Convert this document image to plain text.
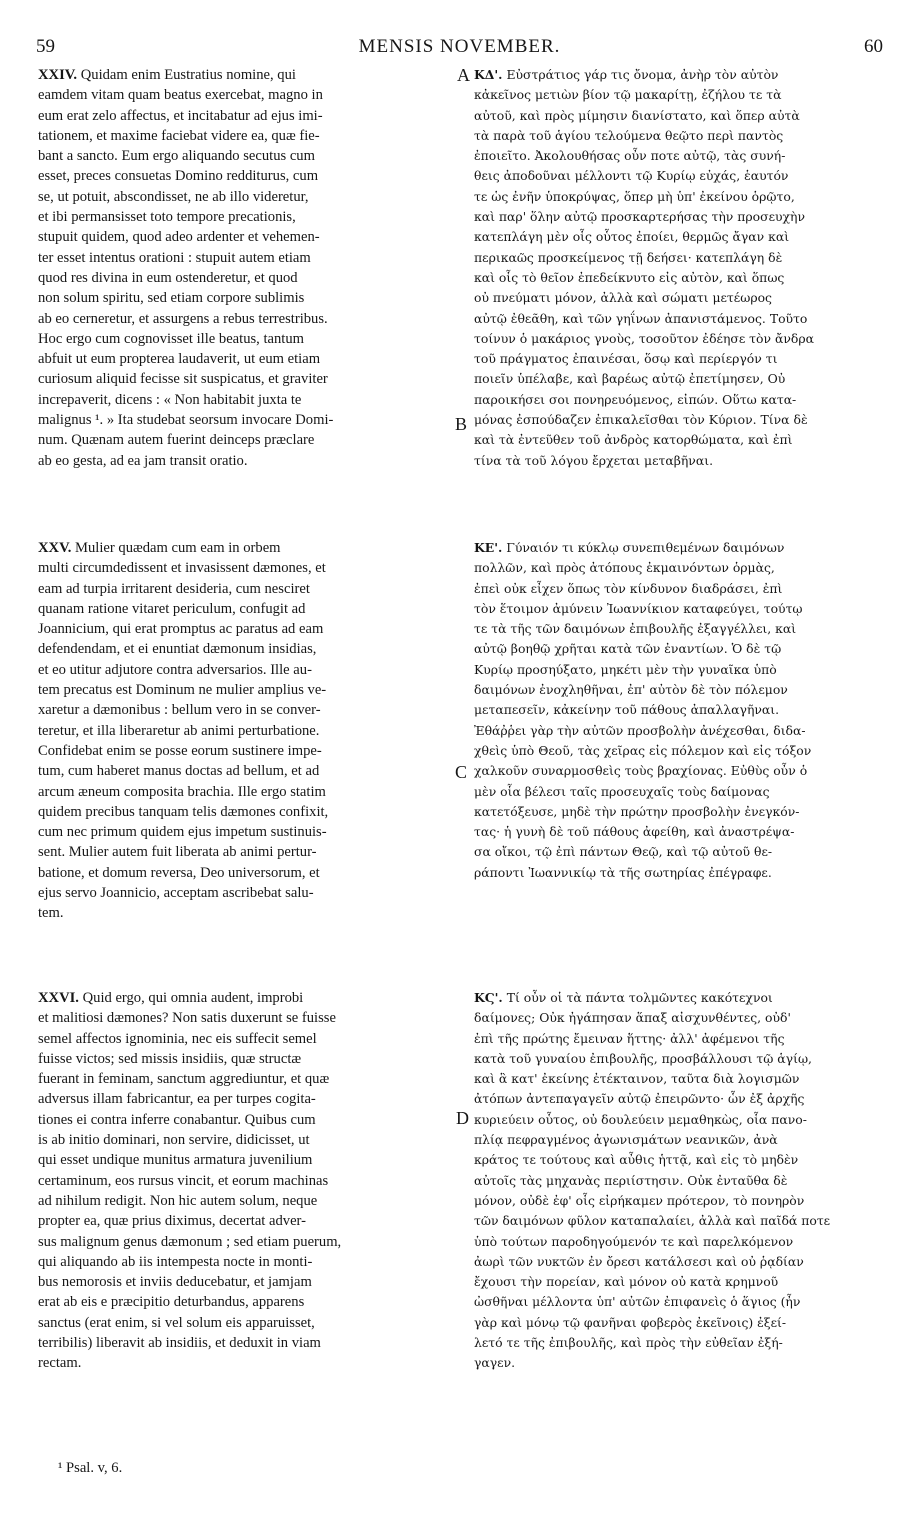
59	MENSIS NOVEMBER.	60
XXIV. Quidam enim Eustratius nomine, qui
eamdem vitam quam beatus exercebat, magno in
eum erat zelo affectus, et incitabatur ad ejus imi-
tationem, et maxime faciebat videre ea, quæ fie-
bant a sancto. Eum ergo aliquando secutus cum
esset, preces consuetas Domino redditurus, cum
se, ut potuit, abscondisset, ne ab illo videretur,
et ibi permansisset toto tempore precationis,
stupuit quidem, quod adeo ardenter et vehemen-
ter esset intentus orationi : stupuit autem etiam
quod res divina in eum ostenderetur, et quod
non solum spiritu, sed etiam corpore sublimis
ab eo cerneretur, et assurgens a rebus terrestribus.
Hoc ergo cum cognovisset ille beatus, tantum
abfuit ut eum propterea laudaverit, ut eum etiam
curiosum aliquid fecisse sit suspicatus, et graviter
increpaverit, dicens : « Non habitabit juxta te
malignus ¹. » Ita studebat seorsum invocare Domi-
num. Quænam autem fuerint deinceps præclare
ab eo gesta, ad ea jam transit oratio.
XXV. Mulier quædam cum eam in orbem
multi circumdedissent et invasissent dæmones, et
eam ad turpia irritarent desideria, cum nesciret
quanam ratione vitaret periculum, confugit ad
Joannicium, qui erat promptus ac paratus ad eam
defendendam, et ei enuntiat dæmonum insidias,
et eo utitur adjutore contra adversarios. Ille au-
tem precatus est Dominum ne mulier amplius ve-
xaretur a dæmonibus : bellum vero in se conver-
teretur, et illa liberaretur ab animi perturbatione.
Confidebat enim se posse eorum sustinere impe-
tum, cum haberet manus doctas ad bellum, et ad
arcum æneum composita brachia. Ille ergo statim
quidem precibus tanquam telis dæmones confixit,
cum nec primum quidem ejus impetum sustinuis-
sent. Mulier autem fuit liberata ab animi pertur-
batione, et domum reversa, Deo universorum, et
ejus servo Joannicio, acceptam ascribebat salu-
tem.
XXVI. Quid ergo, qui omnia audent, improbi
et malitiosi dæmones? Non satis duxerunt se fuisse
semel affectos ignominia, nec eis suffecit semel
fuisse victos; sed missis insidiis, quæ structæ
fuerant in feminam, sanctum aggrediuntur, et quæ
adversus illam fabricantur, ea per turpes cogita-
tiones ei contra inferre conabantur. Quibus cum
is ab initio dominari, non servire, didicisset, ut
qui esset undique munitus armatura juvenilium
certaminum, eos rursus vincit, et eorum machinas
ad nihilum redigit. Non hic autem solum, neque
propter ea, quæ prius diximus, decertat adver-
sus malignum genus dæmonum ; sed etiam puerum,
qui aliquando ab iis intempesta nocte in monti-
bus nemorosis et inviis deducebatur, et jamjam
erat ab eis e præcipitio deturbandus, apparens
sanctus (erat enim, si vel solum eis apparuisset,
terribilis) liberavit ab insidiis, et deduxit in viam
rectam.
A
B
C
D
ΚΔ'. Εὐστράτιος γάρ τις ὄνομα, ἀνὴρ τὸν αὐτὸν
κἀκεῖνος μετιὼν βίον τῷ μακαρίτῃ, ἐζήλου τε τὰ
αὐτοῦ, καὶ πρὸς μίμησιν διανίστατο, καὶ ὅπερ αὐτὰ
τὰ παρὰ τοῦ ἁγίου τελούμενα θεῷτο περὶ παντὸς
ἐποιεῖτο. Ἀκολουθήσας οὖν ποτε αὐτῷ, τὰς συνή-
θεις ἀποδοῦναι μέλλοντι τῷ Κυρίῳ εὐχάς, ἑαυτόν
τε ὡς ἐνῆν ὑποκρύψας, ὅπερ μὴ ὑπ' ἐκείνου ὁρῷτο,
καὶ παρ' ὅλην αὐτῷ προσκαρτερήσας τὴν προσευχὴν
κατεπλάγη μὲν οἷς οὗτος ἐποίει, θερμῶς ἄγαν καὶ
περικαῶς προσκείμενος τῇ δεήσει· κατεπλάγη δὲ
καὶ οἷς τὸ θεῖον ἐπεδείκνυτο εἰς αὐτὸν, καὶ ὅπως
οὐ πνεύματι μόνον, ἀλλὰ καὶ σώματι μετέωρος
αὐτῷ ἐθεᾶθη, καὶ τῶν γηΐνων ἀπανιστάμενος. Τοῦτο
τοίνυν ὁ μακάριος γνοὺς, τοσοῦτον ἐδέησε τὸν ἄνδρα
τοῦ πράγματος ἐπαινέσαι, ὅσῳ καὶ περίεργόν τι
ποιεῖν ὑπέλαβε, καὶ βαρέως αὐτῷ ἐπετίμησεν, Οὐ
παροικήσει σοι πονηρευόμενος, εἰπών. Οὕτω κατα-
μόνας ἐσπούδαζεν ἐπικαλεῖσθαι τὸν Κύριον. Τίνα δὲ
καὶ τὰ ἐντεῦθεν τοῦ ἀνδρὸς κατορθώματα, καὶ ἐπὶ
τίνα τὰ τοῦ λόγου ἔρχεται μεταβῆναι.
ΚΕ'. Γύναιόν τι κύκλῳ συνεπιθεμένων δαιμόνων
πολλῶν, καὶ πρὸς ἀτόπους ἐκμαινόντων ὁρμὰς,
ἐπεὶ οὐκ εἶχεν ὅπως τὸν κίνδυνον διαδράσει, ἐπὶ
τὸν ἕτοιμον ἀμύνειν Ἰωαννίκιον καταφεύγει, τούτῳ
τε τὰ τῆς τῶν δαιμόνων ἐπιβουλῆς ἐξαγγέλλει, καὶ
αὐτῷ βοηθῷ χρῆται κατὰ τῶν ἐναντίων. Ὁ δὲ τῷ
Κυρίῳ προσηύξατο, μηκέτι μὲν τὴν γυναῖκα ὑπὸ
δαιμόνων ἐνοχληθῆναι, ἐπ' αὐτὸν δὲ τὸν πόλεμον
μεταπεσεῖν, κἀκείνην τοῦ πάθους ἀπαλλαγῆναι.
Ἐθάῤῥει γὰρ τὴν αὐτῶν προσβολὴν ἀνέχεσθαι, διδα-
χθεὶς ὑπὸ Θεοῦ, τὰς χεῖρας εἰς πόλεμον καὶ εἰς τόξον
χαλκοῦν συναρμοσθεὶς τοὺς βραχίονας. Εὐθὺς οὖν ὁ
μὲν οἷα βέλεσι ταῖς προσευχαῖς τοὺς δαίμονας
κατετόξευσε, μηδὲ τὴν πρώτην προσβολὴν ἐνεγκόν-
τας· ἡ γυνὴ δὲ τοῦ πάθους ἀφείθη, καὶ ἀναστρέψα-
σα οἴκοι, τῷ ἐπὶ πάντων Θεῷ, καὶ τῷ αὐτοῦ θε-
ράποντι Ἰωαννικίῳ τὰ τῆς σωτηρίας ἐπέγραφε.
ΚϚ'. Τί οὖν οἱ τὰ πάντα τολμῶντες κακότεχνοι
δαίμονες; Οὐκ ἠγάπησαν ἅπαξ αἰσχυνθέντες, οὐδ'
ἐπὶ τῆς πρώτης ἔμειναν ἥττης· ἀλλ' ἀφέμενοι τῆς
κατὰ τοῦ γυναίου ἐπιβουλῆς, προσβάλλουσι τῷ ἁγίῳ,
καὶ ἃ κατ' ἐκείνης ἐτέκταινον, ταῦτα διὰ λογισμῶν
ἀτόπων ἀντεπαγαγεῖν αὐτῷ ἐπειρῶντο· ὧν ἐξ ἀρχῆς
κυριεύειν οὗτος, οὐ δουλεύειν μεμαθηκὼς, οἷα πανο-
πλίᾳ πεφραγμένος ἀγωνισμάτων νεανικῶν, ἀνὰ
κράτος τε τούτους καὶ αὖθις ἡττᾷ, καὶ εἰς τὸ μηδὲν
αὐτοῖς τὰς μηχανὰς περιίστησιν. Οὐκ ἐνταῦθα δὲ
μόνον, οὐδὲ ἐφ' οἷς εἰρήκαμεν πρότερον, τὸ πονηρὸν
τῶν δαιμόνων φῦλον καταπαλαίει, ἀλλὰ καὶ παῖδά ποτε
ὑπὸ τούτων παροδηγούμενόν τε καὶ παρελκόμενον
ἀωρὶ τῶν νυκτῶν ἐν ὄρεσι κατάλσεσι καὶ οὐ ῥᾳδίαν
ἔχουσι τὴν πορείαν, καὶ μόνον οὐ κατὰ κρημνοῦ
ὠσθῆναι μέλλοντα ὑπ' αὐτῶν ἐπιφανεὶς ὁ ἅγιος (ἦν
γὰρ καὶ μόνῳ τῷ φανῆναι φοβερὸς ἐκεῖνοις) ἐξεί-
λετό τε τῆς ἐπιβουλῆς, καὶ πρὸς τὴν εὐθεῖαν ἐξή-
γαγεν.
¹ Psal. v, 6.
